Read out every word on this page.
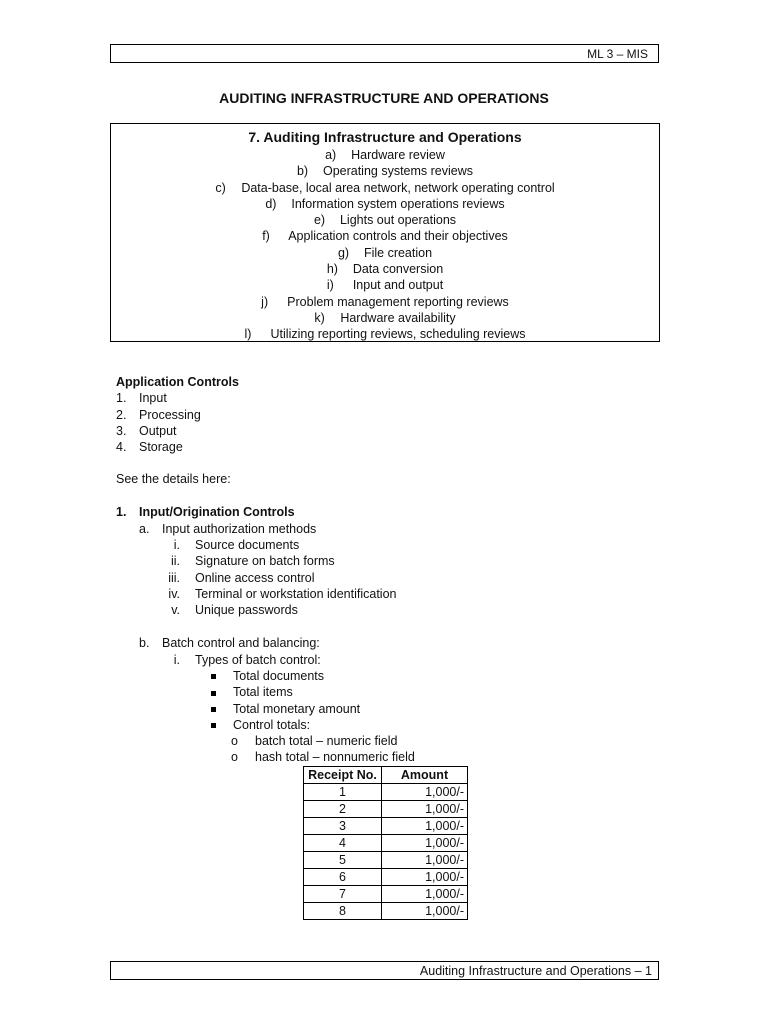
ML 3 – MIS
AUDITING INFRASTRUCTURE AND OPERATIONS
7. Auditing Infrastructure and Operations
a) Hardware review
b) Operating systems reviews
c) Data-base, local area network, network operating control
d) Information system operations reviews
e) Lights out operations
f) Application controls and their objectives
g) File creation
h) Data conversion
i) Input and output
j) Problem management reporting reviews
k) Hardware availability
l) Utilizing reporting reviews, scheduling reviews
Application Controls
1. Input
2. Processing
3. Output
4. Storage
See the details here:
1. Input/Origination Controls
a. Input authorization methods
i. Source documents
ii. Signature on batch forms
iii. Online access control
iv. Terminal or workstation identification
v. Unique passwords
b. Batch control and balancing:
i. Types of batch control:
Total documents
Total items
Total monetary amount
Control totals:
o batch total – numeric field
o hash total – nonnumeric field
Receipt No.	Amount
1	1,000/-
2	1,000/-
3	1,000/-
4	1,000/-
5	1,000/-
6	1,000/-
7	1,000/-
8	1,000/-
Auditing Infrastructure and Operations – 1
